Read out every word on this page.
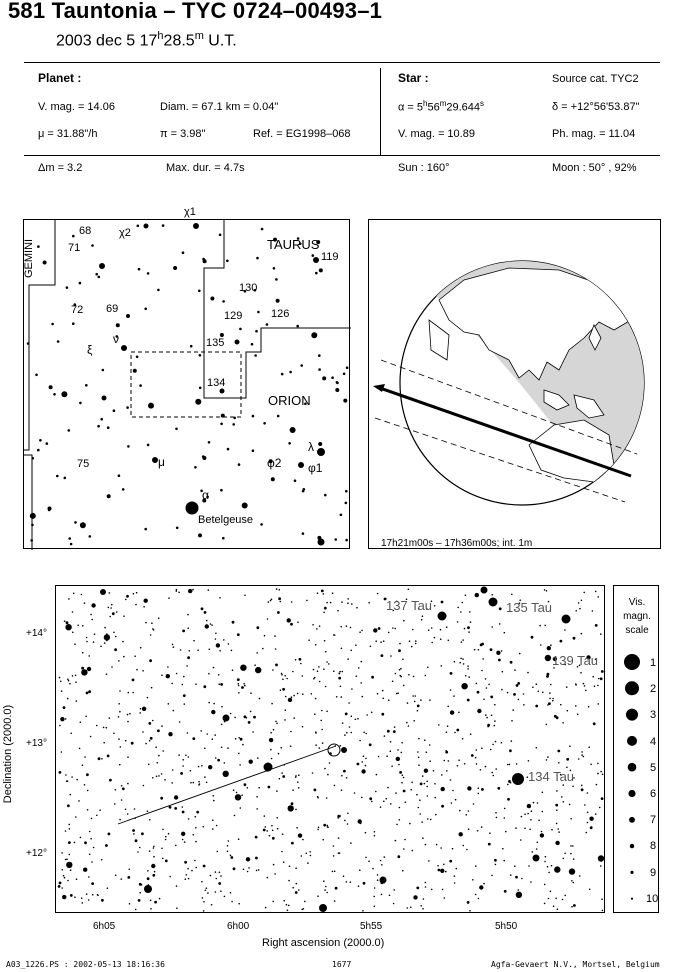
581 Tauntonia – TYC 0724–00493–1
2003 dec 5 17$^h$28.5$^m$ U.T.
Planet :
V. mag. = 14.06	Diam. = 67.1 km = 0.04"
μ = 31.88"/h	π = 3.98"	Ref. = EG1998–068
Star :	Source cat. TYC2
$\alpha = 5^h56^m29.644^s$	δ = +12°56'53.87"
V. mag. = 10.89	Ph. mag. = 11.04
Δm = 3.2	Max. dur. = 4.7s	Sun : 160°	Moon : 50° , 92%
GEMINI	TAURUS
ORION
χ1
68	χ2
71
119
130
129	126
72 69
ξ
ν	135
134
λ
φ2 φ1
75	μ
α
Betelgeuse
17h21m00s – 17h36m00s; int. 1m
137 Tau	135 Tau
139 Tau
134 Tau
+14°
+13°
+12°
6h05	6h00	5h55	5h50
Right ascension (2000.0)
Declination (2000.0)
Vis.
magn.
scale
1
2
3
4
5
6
7
8
9
10
A03_1226.PS : 2002-05-13 18:16:36	1677	Agfa-Gevaert N.V., Mortsel, Belgium
